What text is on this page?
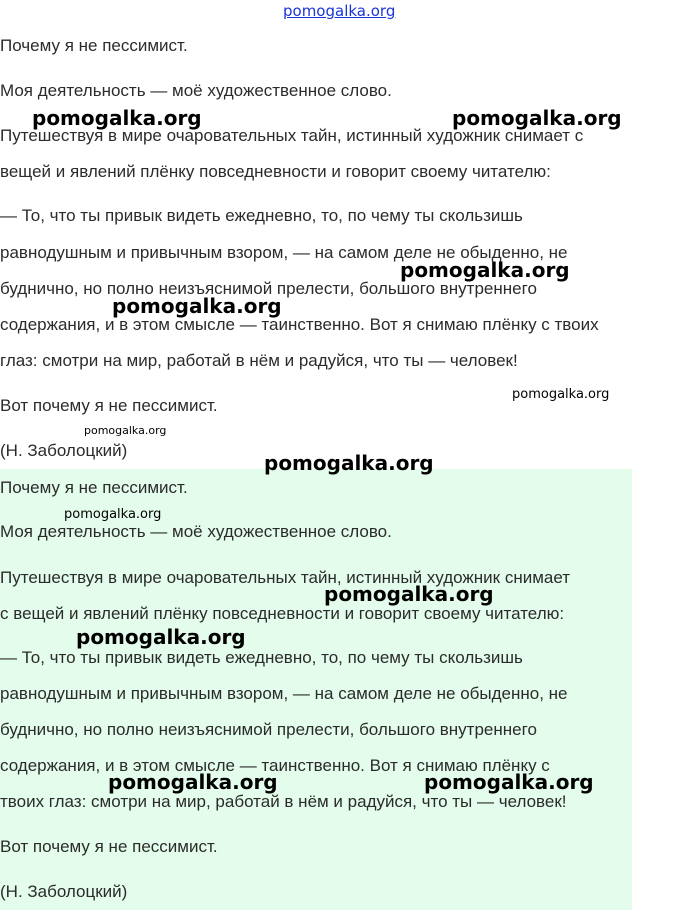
pomogalka.org

Почему я не пессимист.

Моя деятельность — моё художественное слово.

Путешествуя в мире очаровательных тайн, истинный художник снимает с

вещей и явлений плёнку повседневности и говорит своему читателю:

— То, что ты привык видеть ежедневно, то, по чему ты скользишь

равнодушным и привычным взором, — на самом деле не обыденно, не

буднично, но полно неизъяснимой прелести, большого внутреннего

содержания, и в этом смысле — таинственно. Вот я снимаю плёнку с твоих

глаз: смотри на мир, работай в нём и радуйся, что ты — человек!

Вот почему я не пессимист.

(Н. Заболоцкий)

Почему я не пессимист.

Моя деятельность — моё художественное слово.

Путешествуя в мире очаровательных тайн, истинный художник снимает

с вещей и явлений плёнку повседневности и говорит своему читателю:

— То, что ты привык видеть ежедневно, то, по чему ты скользишь

равнодушным и привычным взором, — на самом деле не обыденно, не

буднично, но полно неизъяснимой прелести, большого внутреннего

содержания, и в этом смысле — таинственно. Вот я снимаю плёнку с

твоих глаз: смотри на мир, работай в нём и радуйся, что ты — человек!

Вот почему я не пессимист.

(Н. Заболоцкий)

pomogalka.org	pomogalka.org
pomogalka.org
pomogalka.org
pomogalka.org
pomogalka.org
pomogalka.org
pomogalka.org
pomogalka.org
pomogalka.org
pomogalka.org	pomogalka.org
